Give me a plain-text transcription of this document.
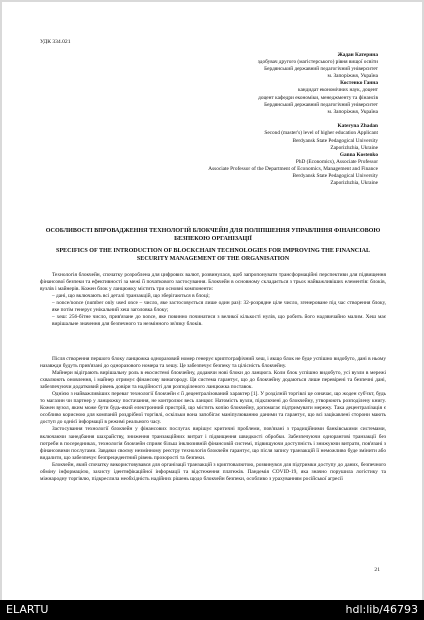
УДК 334.021
Жадан Катерина
здобувач другого (магістерського) рівня вищої освіти
Бердянський державний педагогічний університет
м. Запоріжжя, Україна
Костенко Ганна
кандидат економічних наук, доцент
доцент кафедри економіки, менеджменту та фінансів
Бердянський державний педагогічний університет
м. Запоріжжя, Україна
Kateryna Zhadan
Second (master's) level of higher education Applicant
Berdyansk State Pedagogical University
Zaporizhzhia, Ukraine
Ganna Kostenko
PhD (Economics), Associate Professor
Associate Professor of the Department of Economics, Management and Finance
Berdyansk State Pedagogical University
Zaporizhzhia, Ukraine
ОСОБЛИВОСТІ ВПРОВАДЖЕННЯ ТЕХНОЛОГІЙ БЛОКЧЕЙН ДЛЯ ПОЛІПШЕННЯ УПРАВЛІННЯ ФІНАНСОВОЮ БЕЗПЕКОЮ ОРГАНІЗАЦІЇ
SPECIFICS OF THE INTRODUCTION OF BLOCKCHAIN TECHNOLOGIES FOR IMPROVING THE FINANCIAL SECURITY MANAGEMENT OF THE ORGANISATION

Технологія блокчейн, спочатку розроблена для цифрових валют, розвинулася, щоб запропонувати трансформаційні перспективи для підвищення фінансової безпеки та ефективності за межі її початкового застосування. Блокчейн в основному складається з трьох найважливіших елементів: блоків, вузлів і майнерів. Кожен блок у ланцюжку містить три основні компоненти:

– дані, що включають всі деталі транзакцій, що зберігаються в блоці;

– nonce/nonce (number only used once – число, яке застосовується лише один раз): 32-розрядне ціле число, згенероване під час створення блоку, яке потім генерує унікальний хеш заголовка блоку;

– хеш: 256-бітне число, прив'язане до nonce, яке повинно починатися з великої кількості нулів, що робить його надзвичайно малим. Хеш має вирішальне значення для безпечного та незмінного зв'язку блоків.

Після створення першого блоку ланцюжка одноразовий номер генерує криптографічний хеш, і якщо блок не буде успішно видобуто, дані в ньому назавжди будуть прив'язані до одноразового номера та хешу. Це забезпечує безпеку та цілісність блокчейну.

Майнери відіграють вирішальну роль в екосистемі блокчейну, додаючи нові блоки до ланцюга. Коли блок успішно видобуто, усі вузли в мережі схвалюють оновлення, і майнер отримує фінансову винагороду. Ця система гарантує, що до блокчейну додаються лише перевірені та безпечні дані, забезпечуючи додатковий рівень довіри та надійності для розподіленого ланцюжка поставок.

Однією з найважливіших переваг технології блокчейн є її децентралізований характер [1]. У розділній торгівлі це означає, що жоден суб'єкт, будь то магазин чи партнер у ланцюжку постачання, не контролює весь ланцюг. Натомість вузли, підключені до блокчейну, утворюють розподілену книгу. Кожен вузол, яким може бути будь-який електронний пристрій, що містить копію блокчейну, допомагає підтримувати мережу. Така децентралізація є особливо корисною для компаній роздрібної торгівлі, оскільки вона запобігає маніпулюванню даними та гарантує, що всі зацікавлені сторони мають доступ до однієї інформації в режимі реального часу.

Застосування технології блокчейн у фінансових послугах вирішує критичні проблеми, пов'язані з традиційними банківськими системами, включаючи занедбання шахрайству, зниження транзакційних витрат і підвищення швидкості обробки. Забезпечуючи однорангові транзакції без потреби в посередниках, технологія блокчейн сприяє більш інклюзивній фінансовій системі, підвищуючи доступність і знижуючи витрати, пов'язані з фінансовими послугами. Завдяки своєму незмінному реєстру технологія блокчейн гарантує, що після запису транзакцій її неможливо буде змінити або видалити, що забезпечує безпрецедентний рівень прозорості та безпеки.

Блокчейн, який спочатку використовувався для організації транзакцій з криптовалютою, розвинувся для підтримки доступу до даних, безпечного обміну інформацією, захисту ідентифікаційної інформації та відстеження платежів. Пандемія COVID-19, яка значно порушила логістику та міжнародну торгівлю, підкреслила необхідність надійних рішень щодо блокчейн безпеки, особливо з урахуванням російської агресії

21
ELARTU	hdl:lib/46793
